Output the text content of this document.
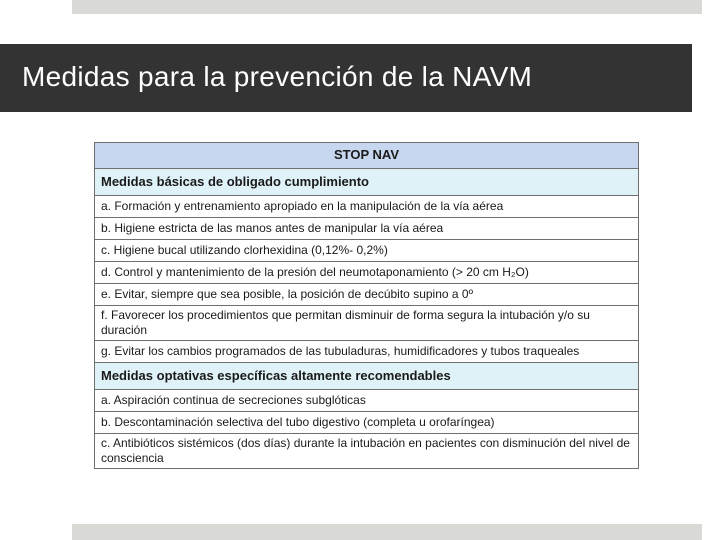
Medidas para la prevención de la NAVM
STOP NAV
Medidas básicas de obligado cumplimiento
a. Formación y entrenamiento apropiado en la manipulación de la vía aérea
b. Higiene estricta de las manos antes de manipular la vía aérea
c. Higiene bucal utilizando clorhexidina (0,12%- 0,2%)
d. Control y mantenimiento de la presión del neumotaponamiento (> 20 cm H₂O)
e. Evitar, siempre que sea posible, la posición de decúbito supino a 0º
f. Favorecer los procedimientos que permitan disminuir de forma segura la intubación y/o su duración
g. Evitar los cambios programados de las tubuladuras, humidificadores y tubos traqueales
Medidas optativas específicas altamente recomendables
a. Aspiración continua de secreciones subglóticas
b. Descontaminación selectiva del tubo digestivo (completa u orofaríngea)
c. Antibióticos sistémicos (dos días) durante la intubación en pacientes con disminución del nivel de consciencia
